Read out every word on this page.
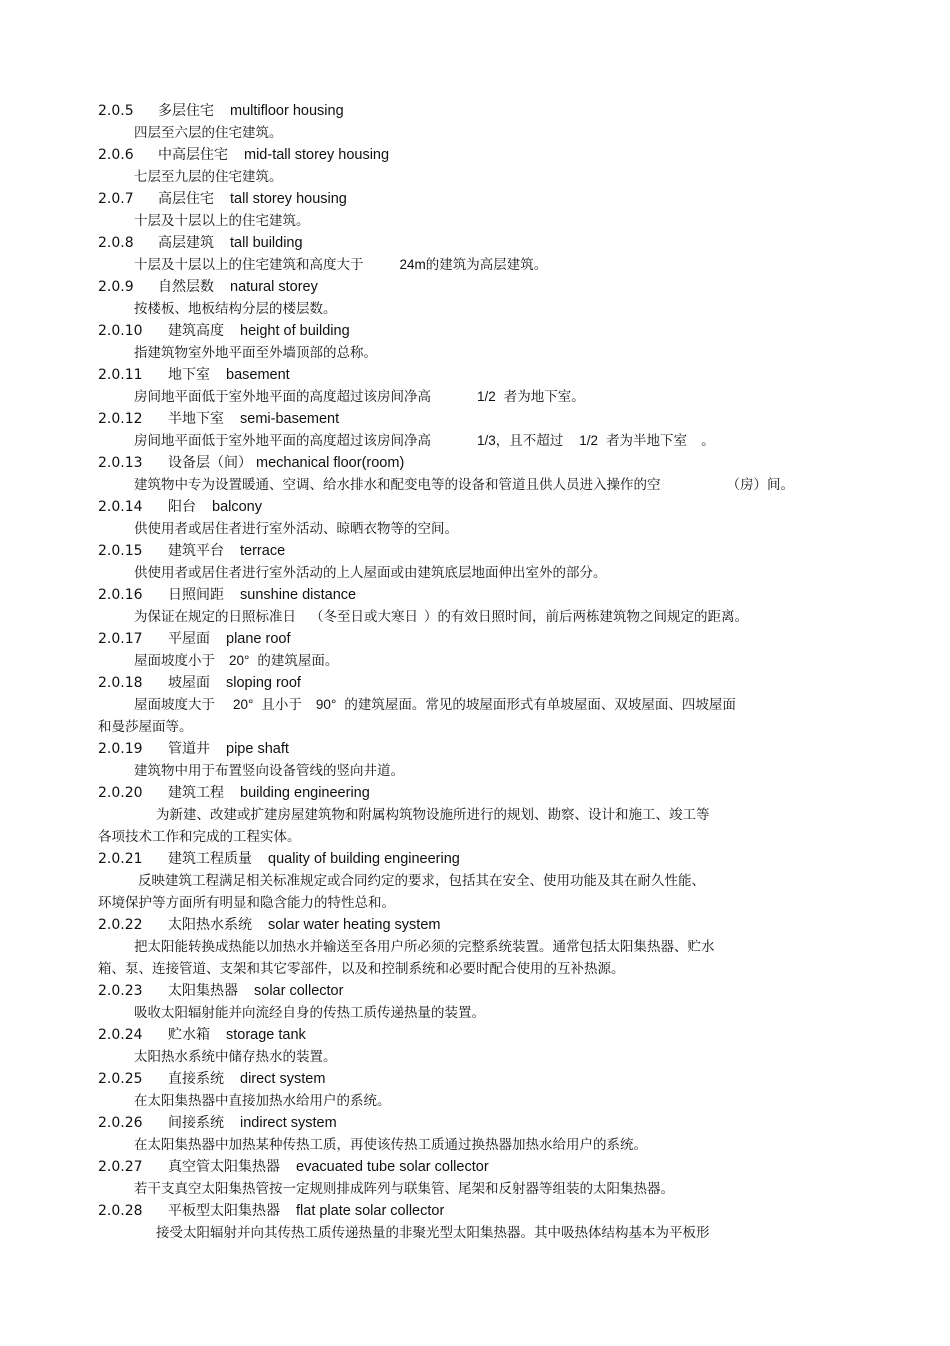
2.0.5 多层住宅 multifloor housing
四层至六层的住宅建筑。
2.0.6 中高层住宅 mid-tall storey housing
七层至九层的住宅建筑。
2.0.7 高层住宅 tall storey housing
十层及十层以上的住宅建筑。
2.0.8 高层建筑 tall building
十层及十层以上的住宅建筑和高度大于	24m的建筑为高层建筑。
2.0.9 自然层数 natural storey
按楼板、地板结构分层的楼层数。
2.0.10 建筑高度 height of building
指建筑物室外地平面至外墙顶部的总称。
2.0.11 地下室 basement
房间地平面低于室外地平面的高度超过该房间净高	1/2 者为地下室。
2.0.12 半地下室 semi-basement
房间地平面低于室外地平面的高度超过该房间净高	1/3，且不超过 1/2 者为半地下室 。
2.0.13 设备层（间） mechanical floor(room)
建筑物中专为设置暖通、空调、给水排水和配变电等的设备和管道且供人员进入操作的空	（房）间。
2.0.14 阳台 balcony
供使用者或居住者进行室外活动、晾晒衣物等的空间。
2.0.15 建筑平台 terrace
供使用者或居住者进行室外活动的上人屋面或由建筑底层地面伸出室外的部分。
2.0.16 日照间距 sunshine distance
为保证在规定的日照标准日 （冬至日或大寒日 ）的有效日照时间，前后两栋建筑物之间规定的距离。
2.0.17 平屋面 plane roof
屋面坡度小于 20° 的建筑屋面。
2.0.18 坡屋面 sloping roof
屋面坡度大于 20° 且小于 90° 的建筑屋面。常见的坡屋面形式有单坡屋面、双坡屋面、四坡屋面
和曼莎屋面等。
2.0.19 管道井 pipe shaft
建筑物中用于布置竖向设备管线的竖向井道。
2.0.20 建筑工程 building engineering
为新建、改建或扩建房屋建筑物和附属构筑物设施所进行的规划、勘察、设计和施工、竣工等
各项技术工作和完成的工程实体。
2.0.21 建筑工程质量 quality of building engineering
反映建筑工程满足相关标准规定或合同约定的要求，包括其在安全、使用功能及其在耐久性能、
环境保护等方面所有明显和隐含能力的特性总和。
2.0.22 太阳热水系统 solar water heating system
把太阳能转换成热能以加热水并输送至各用户所必须的完整系统装置。通常包括太阳集热器、贮水
箱、泵、连接管道、支架和其它零部件，以及和控制系统和必要时配合使用的互补热源。
2.0.23 太阳集热器 solar collector
吸收太阳辐射能并向流经自身的传热工质传递热量的装置。
2.0.24 贮水箱 storage tank
太阳热水系统中储存热水的装置。
2.0.25 直接系统 direct system
在太阳集热器中直接加热水给用户的系统。
2.0.26 间接系统 indirect system
在太阳集热器中加热某种传热工质，再使该传热工质通过换热器加热水给用户的系统。
2.0.27 真空管太阳集热器 evacuated tube solar collector
若干支真空太阳集热管按一定规则排成阵列与联集管、尾架和反射器等组装的太阳集热器。
2.0.28 平板型太阳集热器 flat plate solar collector
接受太阳辐射并向其传热工质传递热量的非聚光型太阳集热器。其中吸热体结构基本为平板形
